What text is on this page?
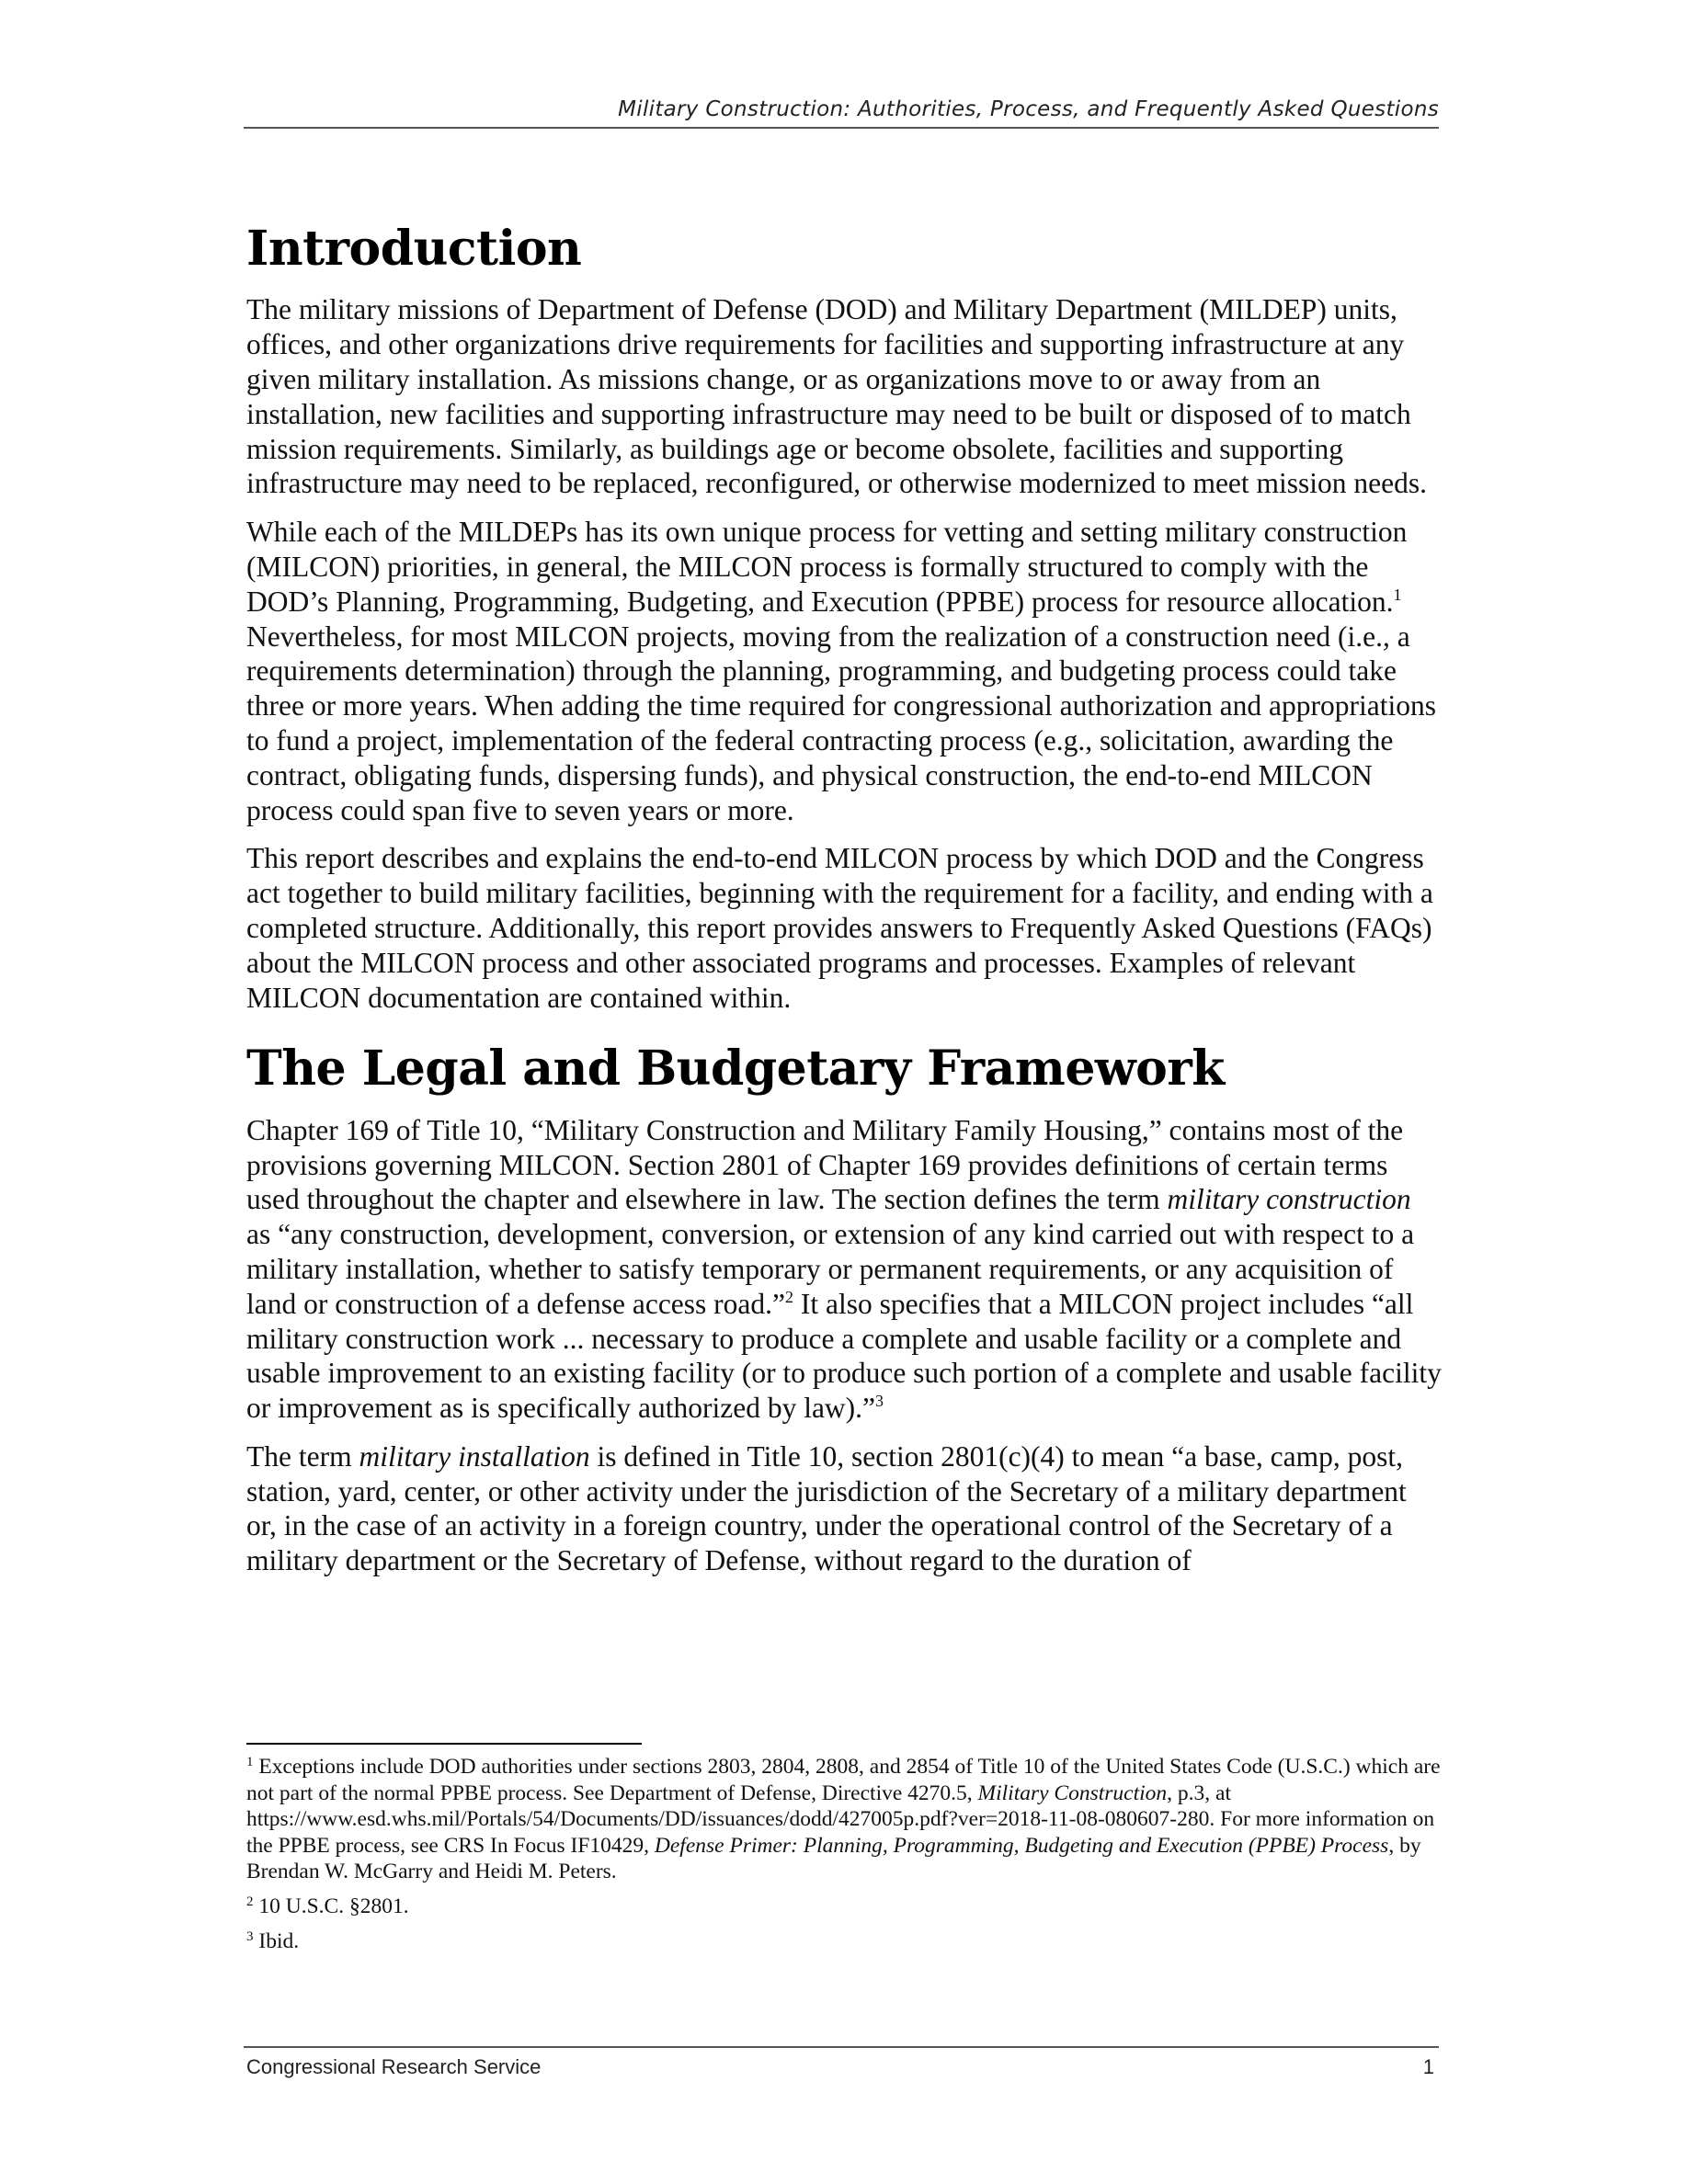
Military Construction: Authorities, Process, and Frequently Asked Questions
Introduction

The military missions of Department of Defense (DOD) and Military Department (MILDEP) units, offices, and other organizations drive requirements for facilities and supporting infrastructure at any given military installation. As missions change, or as organizations move to or away from an installation, new facilities and supporting infrastructure may need to be built or disposed of to match mission requirements. Similarly, as buildings age or become obsolete, facilities and supporting infrastructure may need to be replaced, reconfigured, or otherwise modernized to meet mission needs.

While each of the MILDEPs has its own unique process for vetting and setting military construction (MILCON) priorities, in general, the MILCON process is formally structured to comply with the DOD’s Planning, Programming, Budgeting, and Execution (PPBE) process for resource allocation.$^1$ Nevertheless, for most MILCON projects, moving from the realization of a construction need (i.e., a requirements determination) through the planning, programming, and budgeting process could take three or more years. When adding the time required for congressional authorization and appropriations to fund a project, implementation of the federal contracting process (e.g., solicitation, awarding the contract, obligating funds, dispersing funds), and physical construction, the end-to-end MILCON process could span five to seven years or more.

This report describes and explains the end-to-end MILCON process by which DOD and the Congress act together to build military facilities, beginning with the requirement for a facility, and ending with a completed structure. Additionally, this report provides answers to Frequently Asked Questions (FAQs) about the MILCON process and other associated programs and processes. Examples of relevant MILCON documentation are contained within.

The Legal and Budgetary Framework

Chapter 169 of Title 10, “Military Construction and Military Family Housing,” contains most of the provisions governing MILCON. Section 2801 of Chapter 169 provides definitions of certain terms used throughout the chapter and elsewhere in law. The section defines the term military construction as “any construction, development, conversion, or extension of any kind carried out with respect to a military installation, whether to satisfy temporary or permanent requirements, or any acquisition of land or construction of a defense access road.”$^2$ It also specifies that a MILCON project includes “all military construction work ... necessary to produce a complete and usable facility or a complete and usable improvement to an existing facility (or to produce such portion of a complete and usable facility or improvement as is specifically authorized by law).”$^3$

The term military installation is defined in Title 10, section 2801(c)(4) to mean “a base, camp, post, station, yard, center, or other activity under the jurisdiction of the Secretary of a military department or, in the case of an activity in a foreign country, under the operational control of the Secretary of a military department or the Secretary of Defense, without regard to the duration of

$^1$ Exceptions include DOD authorities under sections 2803, 2804, 2808, and 2854 of Title 10 of the United States Code (U.S.C.) which are not part of the normal PPBE process. See Department of Defense, Directive 4270.5, Military Construction, p.3, at https://www.esd.whs.mil/Portals/54/Documents/DD/issuances/dodd/427005p.pdf?ver=2018-11-08-080607-280. For more information on the PPBE process, see CRS In Focus IF10429, Defense Primer: Planning, Programming, Budgeting and Execution (PPBE) Process, by Brendan W. McGarry and Heidi M. Peters.

$^2$ 10 U.S.C. §2801.

$^3$ Ibid.

Congressional Research Service	1
